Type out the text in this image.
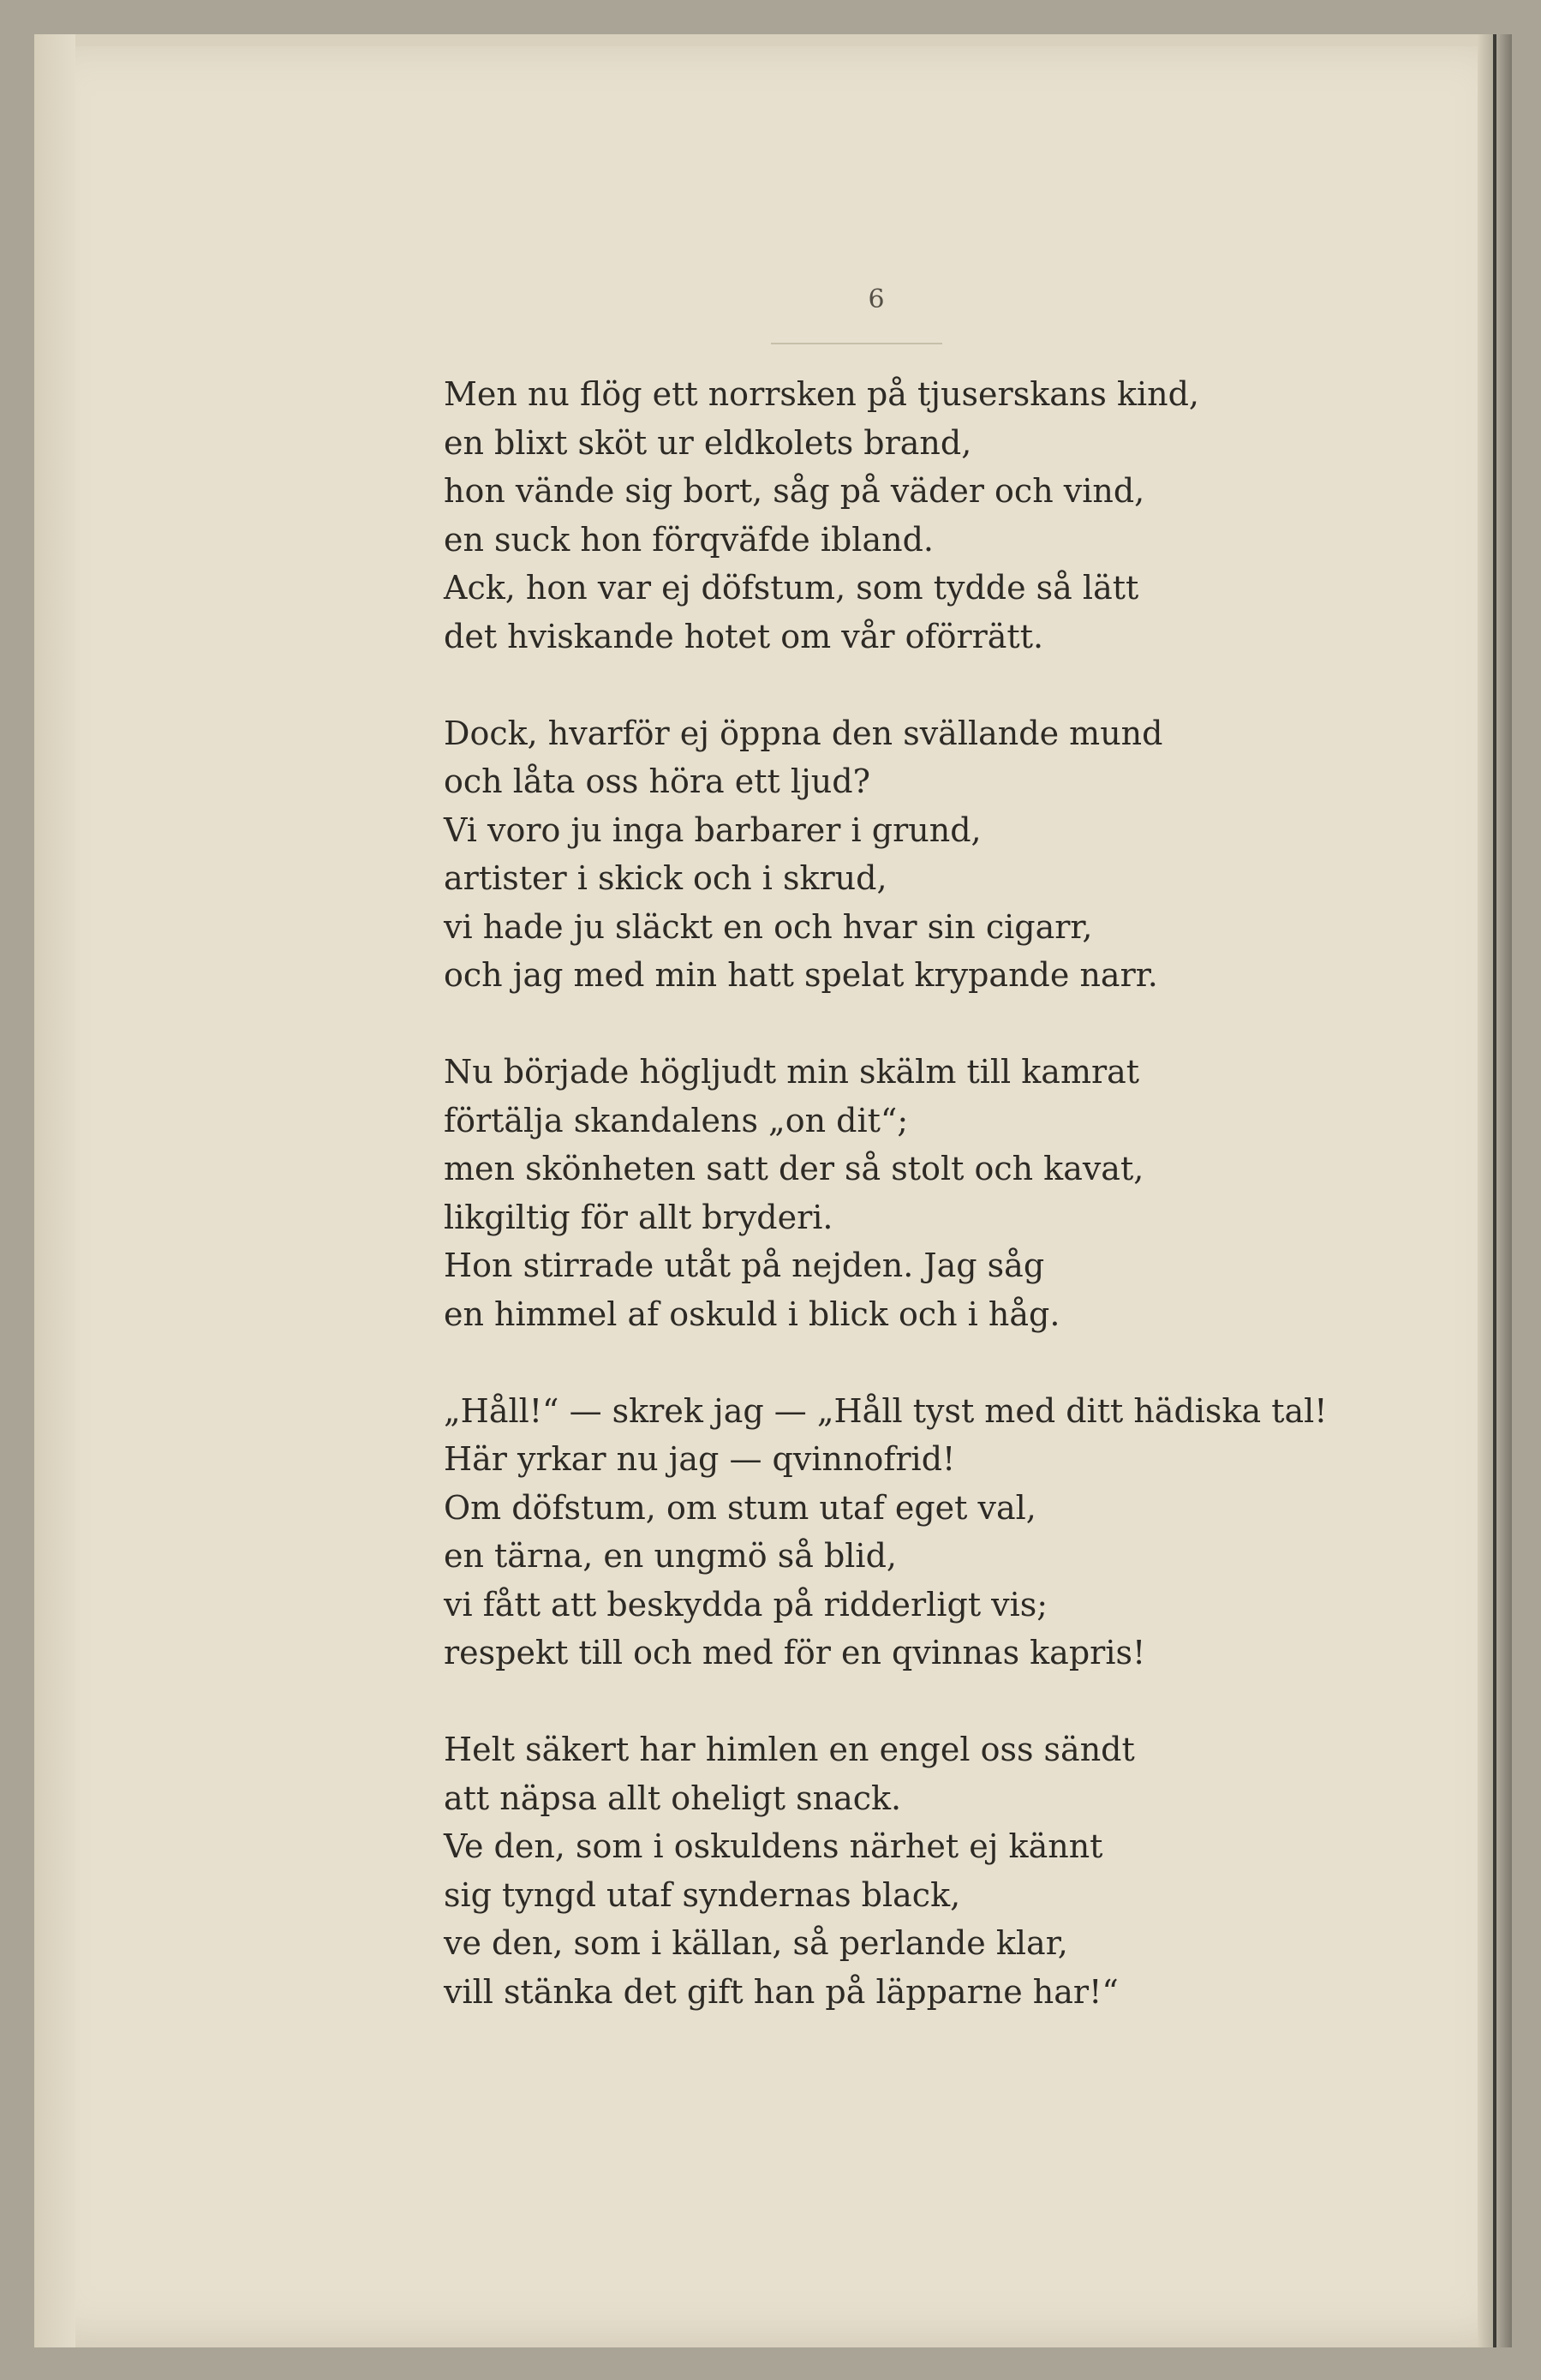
6
Men nu flög ett norrsken på tjuserskans kind,
en blixt sköt ur eldkolets brand,
hon vände sig bort, såg på väder och vind,
en suck hon förqväfde ibland.
Ack, hon var ej döfstum, som tydde så lätt
det hviskande hotet om vår oförrätt.
Dock, hvarför ej öppna den svällande mund
och låta oss höra ett ljud?
Vi voro ju inga barbarer i grund,
artister i skick och i skrud,
vi hade ju släckt en och hvar sin cigarr,
och jag med min hatt spelat krypande narr.
Nu började högljudt min skälm till kamrat
förtälja skandalens „on dit“;
men skönheten satt der så stolt och kavat,
likgiltig för allt bryderi.
Hon stirrade utåt på nejden. Jag såg
en himmel af oskuld i blick och i håg.
„Håll!“ — skrek jag — „Håll tyst med ditt hädiska tal!
Här yrkar nu jag — qvinnofrid!
Om döfstum, om stum utaf eget val,
en tärna, en ungmö så blid,
vi fått att beskydda på ridderligt vis;
respekt till och med för en qvinnas kapris!
Helt säkert har himlen en engel oss sändt
att näpsa allt oheligt snack.
Ve den, som i oskuldens närhet ej kännt
sig tyngd utaf syndernas black,
ve den, som i källan, så perlande klar,
vill stänka det gift han på läpparne har!“
